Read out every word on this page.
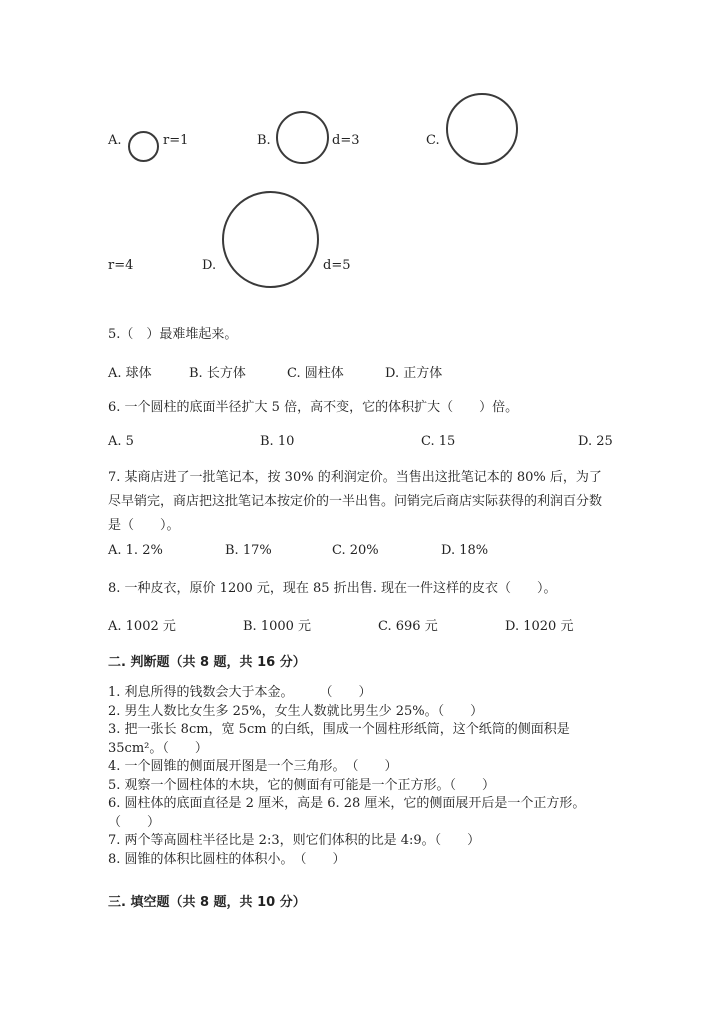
A.	r=1	B.	d=3	C.
r=4	D.	d=5
5.（　）最难堆起来。
A. 球体	B. 长方体	C. 圆柱体	D. 正方体
6. 一个圆柱的底面半径扩大 5 倍，高不变，它的体积扩大（　　）倍。
A. 5	B. 10	C. 15	D. 25
7. 某商店进了一批笔记本，按 30% 的利润定价。当售出这批笔记本的 80% 后，为了尽早销完，商店把这批笔记本按定价的一半出售。问销完后商店实际获得的利润百分数是（　　）。
A. 1. 2%	B. 17%	C. 20%	D. 18%
8. 一种皮衣，原价 1200 元，现在 85 折出售. 现在一件这样的皮衣（　　）。
A. 1002 元	B. 1000 元	C. 696 元	D. 1020 元
二. 判断题（共 8 题，共 16 分）
1. 利息所得的钱数会大于本金。　　　（　　）
2. 男生人数比女生多 25%，女生人数就比男生少 25%。（　　）
3. 把一张长 8cm，宽 5cm 的白纸，围成一个圆柱形纸筒，这个纸筒的侧面积是 35cm²。（　　）
4. 一个圆锥的侧面展开图是一个三角形。　（　　）
5. 观察一个圆柱体的木块，它的侧面有可能是一个正方形。（　　）
6. 圆柱体的底面直径是 2 厘米，高是 6. 28 厘米，它的侧面展开后是一个正方形。（　　）
7. 两个等高圆柱半径比是 2:3，则它们体积的比是 4:9。（　　）
8. 圆锥的体积比圆柱的体积小。　（　　）
三. 填空题（共 8 题，共 10 分）
